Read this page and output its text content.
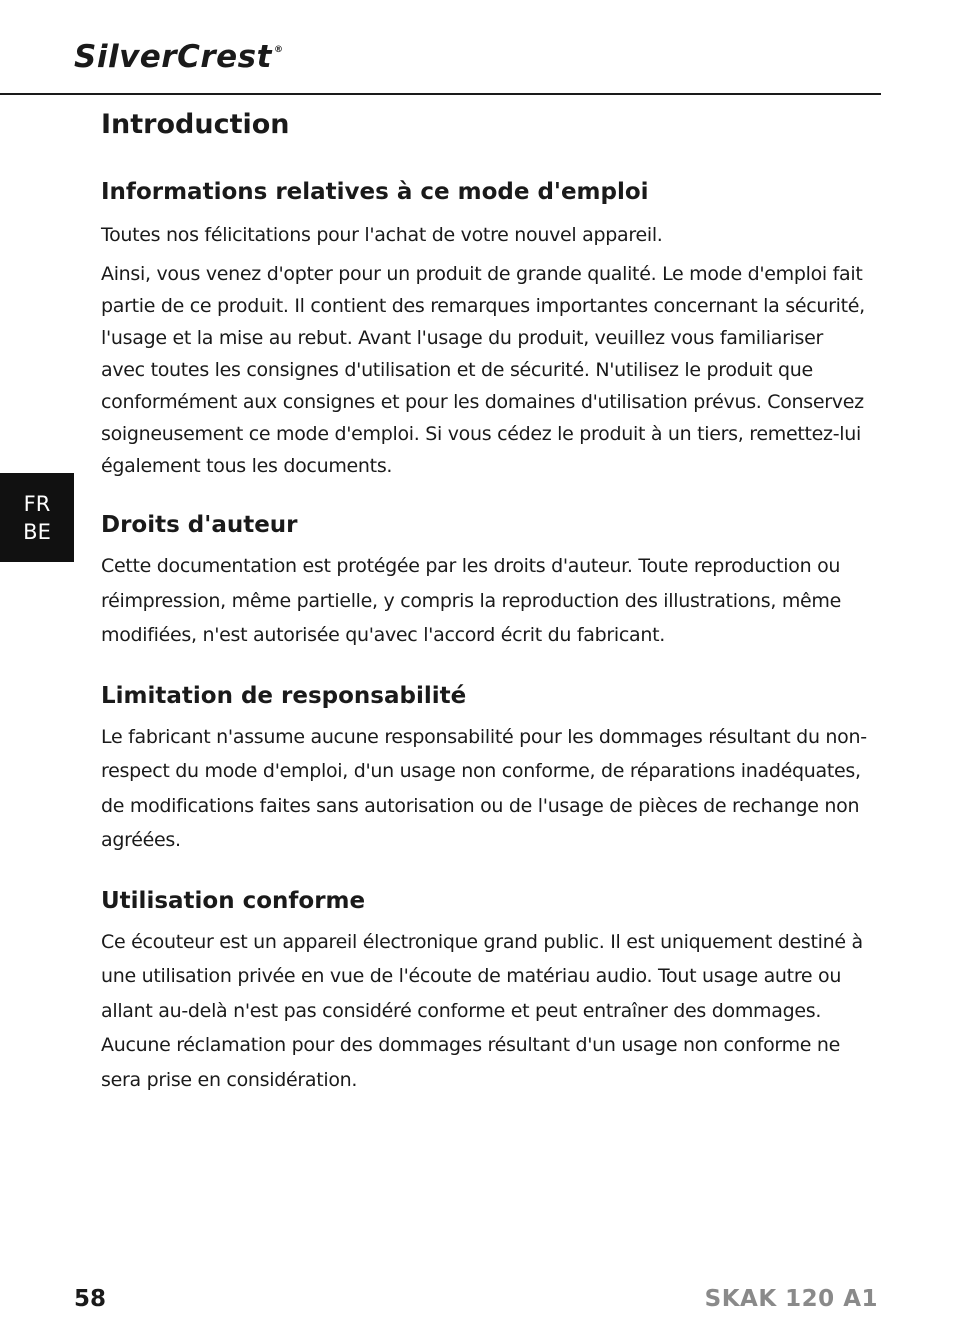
SilverCrest ®
FR
BE
Introduction
Informations relatives à ce mode d'emploi

Toutes nos félicitations pour l'achat de votre nouvel appareil.

Ainsi, vous venez d'opter pour un produit de grande qualité. Le mode d'emploi fait partie de ce produit. Il contient des remarques importantes concernant la sécurité, l'usage et la mise au rebut. Avant l'usage du produit, veuillez vous familiariser avec toutes les consignes d'utilisation et de sécurité. N'utilisez le produit que conformément aux consignes et pour les domaines d'utilisation prévus. Conservez soigneusement ce mode d'emploi. Si vous cédez le produit à un tiers, remettez-lui également tous les documents.

Droits d'auteur

Cette documentation est protégée par les droits d'auteur. Toute reproduction ou réimpression, même partielle, y compris la reproduction des illustrations, même modifiées, n'est autorisée qu'avec l'accord écrit du fabricant.

Limitation de responsabilité

Le fabricant n'assume aucune responsabilité pour les dommages résultant du non-respect du mode d'emploi, d'un usage non conforme, de réparations inadéquates, de modifications faites sans autorisation ou de l'usage de pièces de rechange non agréées.

Utilisation conforme

Ce écouteur est un appareil électronique grand public. Il est uniquement destiné à une utilisation privée en vue de l'écoute de matériau audio. Tout usage autre ou allant au-delà n'est pas considéré conforme et peut entraîner des dommages. Aucune réclamation pour des dommages résultant d'un usage non conforme ne sera prise en considération.

58	SKAK 120 A1
